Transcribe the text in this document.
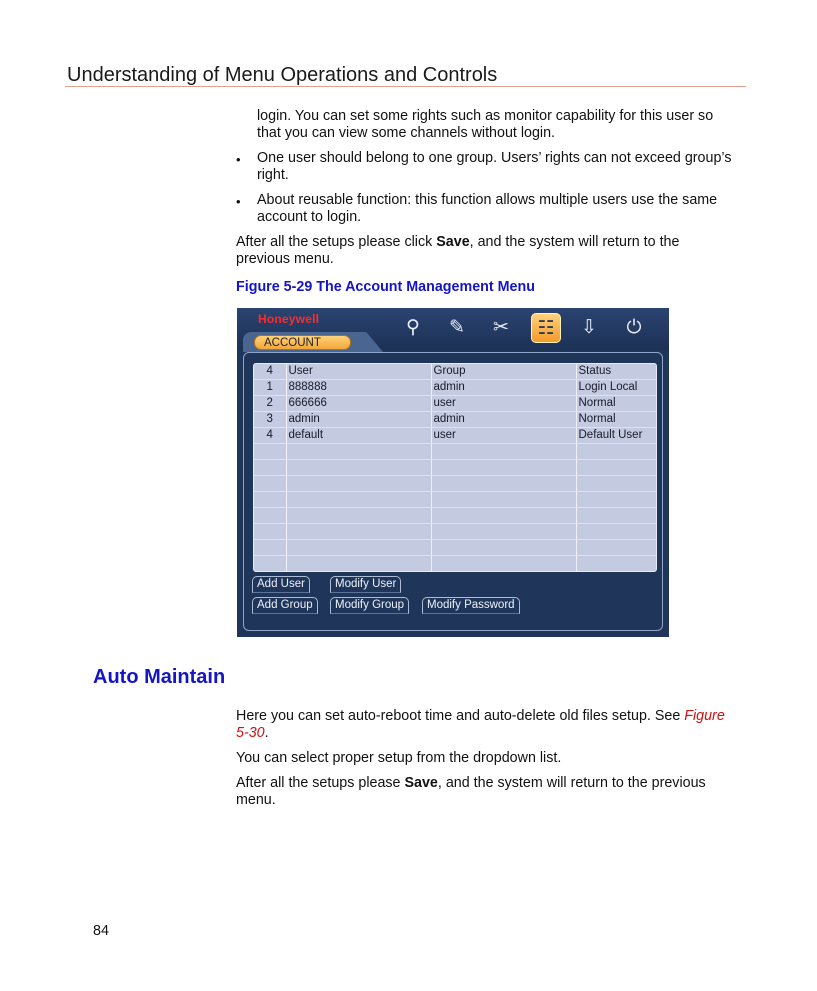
Understanding of Menu Operations and Controls
login. You can set some rights such as monitor capability for this user so that you can view some channels without login.
• One user should belong to one group. Users’ rights can not exceed group’s right.
• About reusable function: this function allows multiple users use the same account to login.
After all the setups please click Save, and the system will return to the previous menu.
Figure 5-29 The Account Management Menu
Honeywell
ACCOUNT
⚲	✎	✂	☷	⇩	⏻
4	User	Group	Status
1	888888	admin	Login Local
2	666666	user	Normal
3	admin	admin	Normal
4	default	user	Default User

Add User	Modify User
Add Group	Modify Group	Modify Password
Auto Maintain
Here you can set auto-reboot time and auto-delete old files setup. See Figure 5-30.
You can select proper setup from the dropdown list.
After all the setups please Save, and the system will return to the previous menu.
84
